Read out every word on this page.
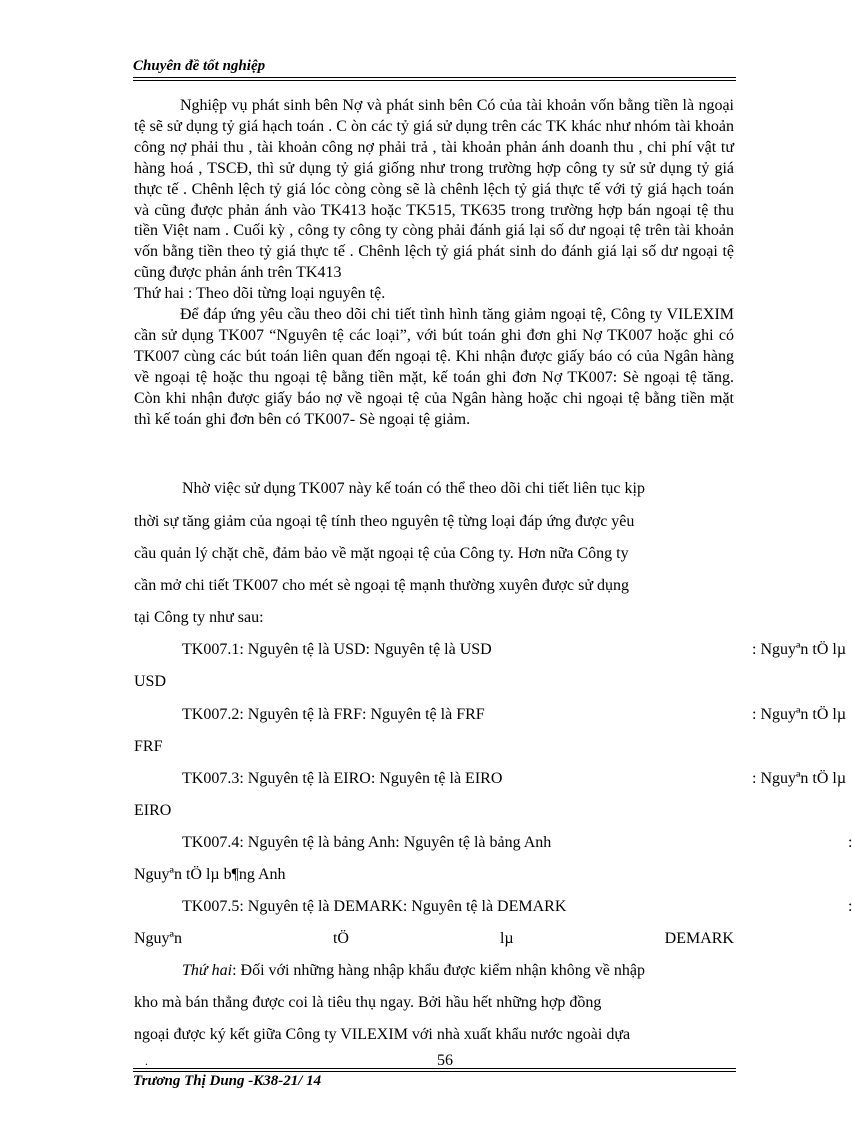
Chuyên đề tốt nghiệp

Nghiệp vụ phát sinh bên Nợ và phát sinh bên Có của tài khoản vốn bằng tiền là ngoại tệ sẽ sử dụng tỷ giá hạch toán . C òn các tỷ giá sử dụng trên các TK khác như nhóm tài khoản công nợ phải thu , tài khoản công nợ phải trả , tài khoản phản ánh doanh thu , chi phí vật tư hàng hoá , TSCĐ, thì sử dụng tỷ giá giống như trong trường hợp công ty sử sử dụng tỷ giá thực tế . Chênh lệch tỷ giá lóc còng còng sẽ là chênh lệch tỷ giá thực tế với tỷ giá hạch toán và cũng được phản ánh vào TK413 hoặc TK515, TK635 trong trường hợp bán ngoại tệ thu tiền Việt nam . Cuối kỳ , công ty công ty còng phải đánh giá lại số dư ngoại tệ trên tài khoản vốn bằng tiền theo tỷ giá thực tế . Chênh lệch tỷ giá phát sinh do đánh giá lại số dư ngoại tệ cũng được phản ánh trên TK413

Thứ hai : Theo dõi từng loại nguyên tệ.

Để đáp ứng yêu cầu theo dõi chi tiết tình hình tăng giảm ngoại tệ, Công ty VILEXIM cần sử dụng TK007 “Nguyên tệ các loại”, với bút toán ghi đơn ghi Nợ TK007 hoặc ghi có TK007 cùng các bút toán liên quan đến ngoại tệ. Khi nhận được giấy báo có của Ngân hàng về ngoại tệ hoặc thu ngoại tệ bằng tiền mặt, kế toán ghi đơn Nợ TK007: Sè ngoại tệ tăng. Còn khi nhận được giấy báo nợ về ngoại tệ của Ngân hàng hoặc chi ngoại tệ bằng tiền mặt thì kế toán ghi đơn bên có TK007- Sè ngoại tệ giảm.

Nhờ việc sử dụng TK007 này kế toán có thể theo dõi chi tiết liên tục kịp
thời sự tăng giảm của ngoại tệ tính theo nguyên tệ từng loại đáp ứng được yêu
cầu quản lý chặt chẽ, đảm bảo về mặt ngoại tệ của Công ty. Hơn nữa Công ty
cần mở chi tiết TK007 cho mét sè ngoại tệ mạnh thường xuyên được sử dụng
tại Công ty như sau:
TK007.1: Nguyên tệ là USD: Nguyên tệ là USD	: Nguyªn tÖ lµ
USD
TK007.2: Nguyên tệ là FRF: Nguyên tệ là FRF	: Nguyªn tÖ lµ
FRF
TK007.3: Nguyên tệ là EIRO: Nguyên tệ là EIRO	: Nguyªn tÖ lµ
EIRO
TK007.4: Nguyên tệ là bảng Anh: Nguyên tệ là bảng Anh
Nguyªn tÖ lµ b¶ng Anh
TK007.5: Nguyên tệ là DEMARK: Nguyên tệ là DEMARK
Nguyªn	tÖ	lµ	DEMARK
Thứ hai: Đối với những hàng nhập khẩu được kiểm nhận không về nhập
kho mà bán thẳng được coi là tiêu thụ ngay. Bởi hầu hết những hợp đồng
ngoại được ký kết giữa Công ty VILEXIM với nhà xuất khẩu nước ngoài dựa
.	56
Trương Thị Dung -K38-21/ 14
